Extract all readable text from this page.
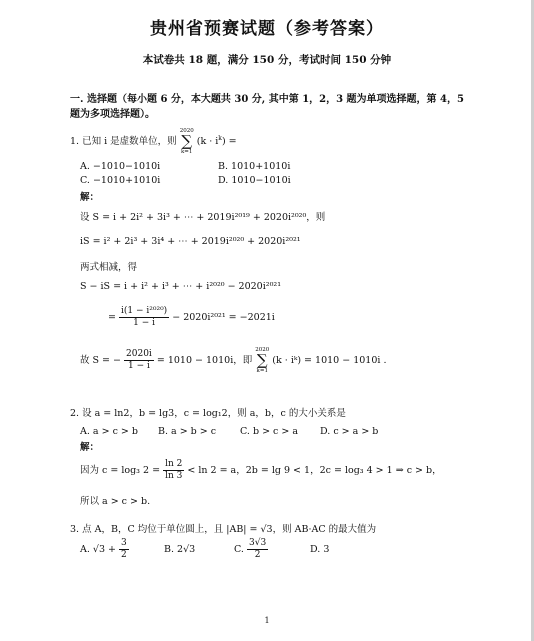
贵州省预赛试题（参考答案）
本试卷共 18 题，满分 150 分，考试时间 150 分钟
一. 选择题（每小题 6 分，本大题共 30 分, 其中第 1，2，3 题为单项选择题，第 4，5
题为多项选择题）。
1. 已知 i 是虚数单位，则
2020
∑
k=1
$(k \cdot i^k)$ =
A. −1010−1010i	B. 1010+1010i
C. −1010+1010i	D. 1010−1010i
解：
设 S = i + 2i² + 3i³ + ⋯ + 2019i²⁰¹⁹ + 2020i²⁰²⁰，则
iS = i² + 2i³ + 3i⁴ + ⋯ + 2019i²⁰²⁰ + 2020i²⁰²¹
两式相减，得
S − iS = i + i² + i³ + ⋯ + i²⁰²⁰ − 2020i²⁰²¹
= $\frac{\text{i(1 − i²⁰²⁰)}}{1 - i} - 2020i^{2021} = -2021i$
故 S = − $\frac{2020i}{1 - i} = 1010 - 1010i$，即
2020
∑
k=1
(k · iᵏ) = 1010 − 1010i .
2. 设 a = ln2，b = lg3，c = log₁2，则 a，b，c 的大小关系是
A. a > c > b B. a > b > c	C. b > c > a D. c > a > b
解：
因为 c = log₃ $2 = \frac{\ln 2}{\ln 3} < \ln 2 = a$，2b = lg 9 < 1，2c = log₃ 4 > 1 ⇒ c > b，
所以 a > c > b.
3. 点 A，B，C 均位于单位圆上，且 |AB| = √3，则 AB·AC 的最大值为
A. $√3 + \frac{3}{2}$	B. 2√3	C. $\frac{3√3}{2}$	D. 3
1
